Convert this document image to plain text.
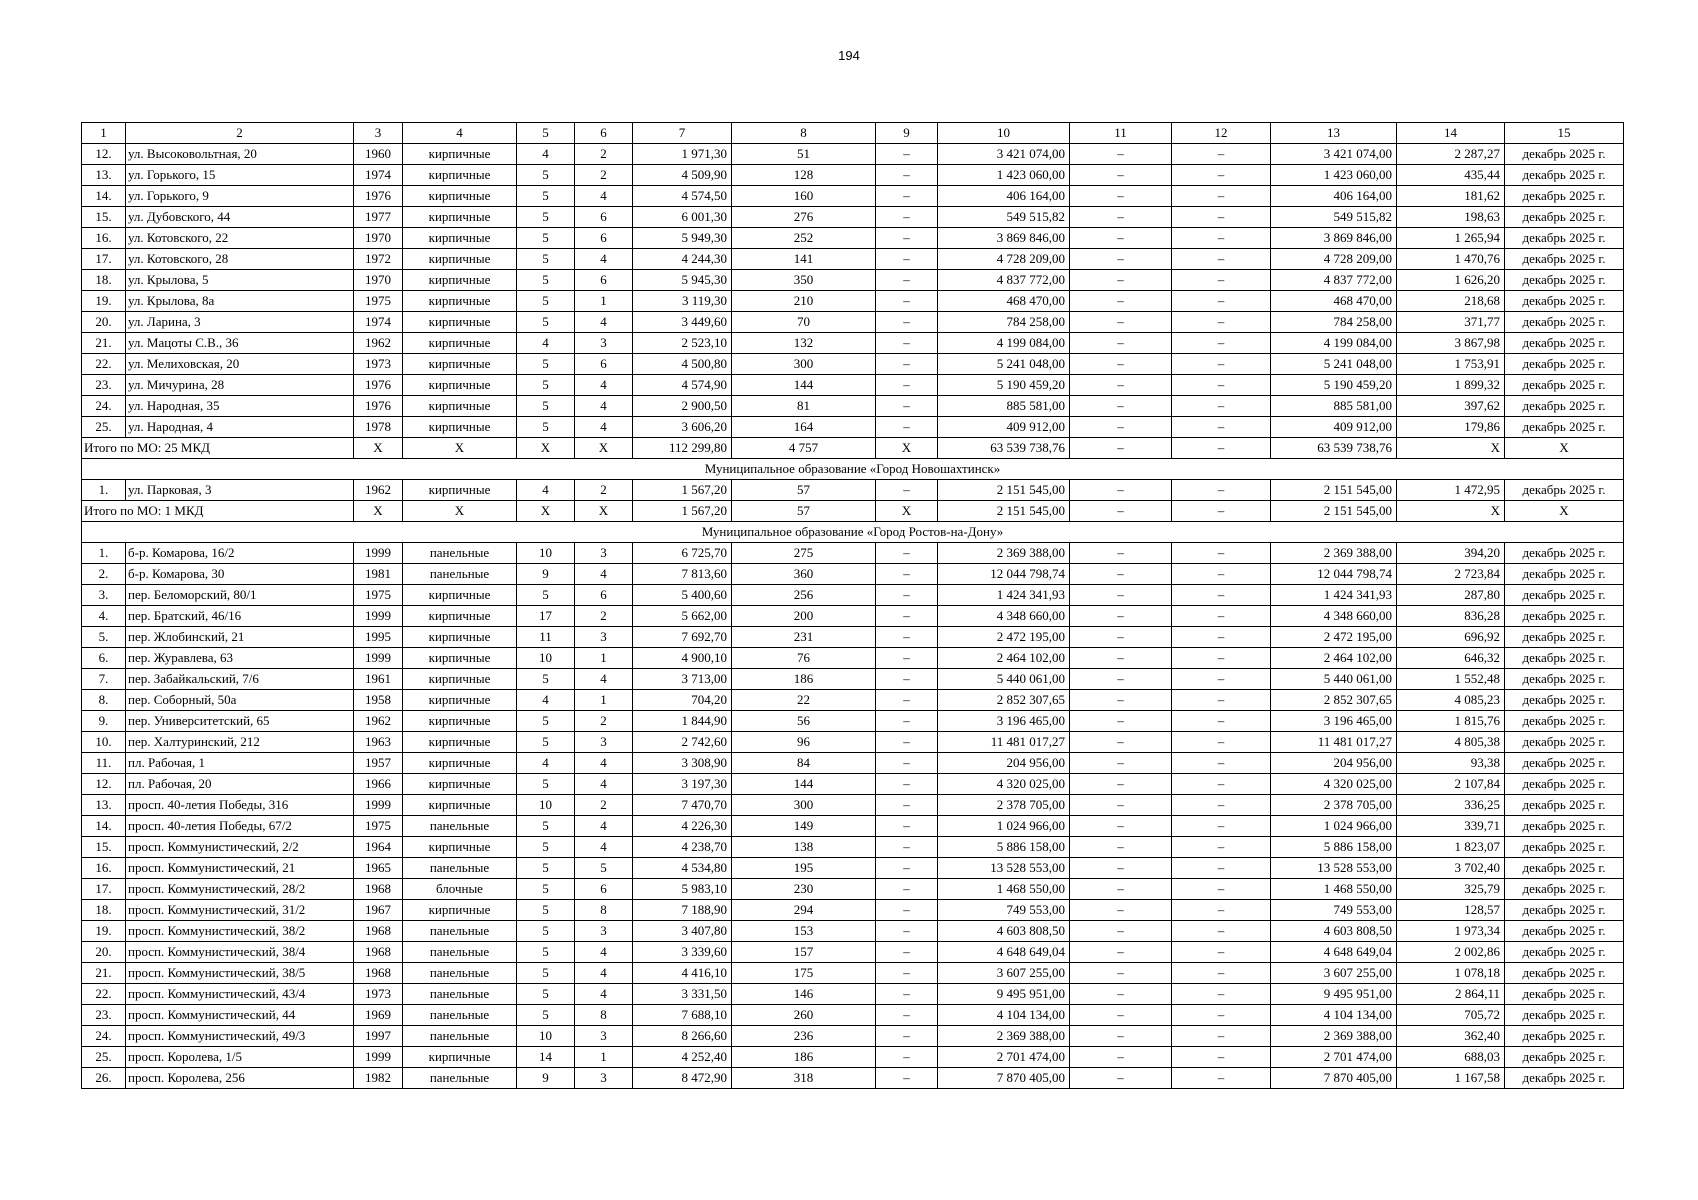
194
1	2	3	4	5	6	7	8	9	10	11	12	13	14	15
12.	ул. Высоковольтная, 20	1960	кирпичные	4	2	1 971,30	51	–	3 421 074,00	–	–	3 421 074,00	2 287,27	декабрь 2025 г.
13.	ул. Горького, 15	1974	кирпичные	5	2	4 509,90	128	–	1 423 060,00	–	–	1 423 060,00	435,44	декабрь 2025 г.
14.	ул. Горького, 9	1976	кирпичные	5	4	4 574,50	160	–	406 164,00	–	–	406 164,00	181,62	декабрь 2025 г.
15.	ул. Дубовского, 44	1977	кирпичные	5	6	6 001,30	276	–	549 515,82	–	–	549 515,82	198,63	декабрь 2025 г.
16.	ул. Котовского, 22	1970	кирпичные	5	6	5 949,30	252	–	3 869 846,00	–	–	3 869 846,00	1 265,94	декабрь 2025 г.
17.	ул. Котовского, 28	1972	кирпичные	5	4	4 244,30	141	–	4 728 209,00	–	–	4 728 209,00	1 470,76	декабрь 2025 г.
18.	ул. Крылова, 5	1970	кирпичные	5	6	5 945,30	350	–	4 837 772,00	–	–	4 837 772,00	1 626,20	декабрь 2025 г.
19.	ул. Крылова, 8а	1975	кирпичные	5	1	3 119,30	210	–	468 470,00	–	–	468 470,00	218,68	декабрь 2025 г.
20.	ул. Ларина, 3	1974	кирпичные	5	4	3 449,60	70	–	784 258,00	–	–	784 258,00	371,77	декабрь 2025 г.
21.	ул. Мацоты С.В., 36	1962	кирпичные	4	3	2 523,10	132	–	4 199 084,00	–	–	4 199 084,00	3 867,98	декабрь 2025 г.
22.	ул. Мелиховская, 20	1973	кирпичные	5	6	4 500,80	300	–	5 241 048,00	–	–	5 241 048,00	1 753,91	декабрь 2025 г.
23.	ул. Мичурина, 28	1976	кирпичные	5	4	4 574,90	144	–	5 190 459,20	–	–	5 190 459,20	1 899,32	декабрь 2025 г.
24.	ул. Народная, 35	1976	кирпичные	5	4	2 900,50	81	–	885 581,00	–	–	885 581,00	397,62	декабрь 2025 г.
25.	ул. Народная, 4	1978	кирпичные	5	4	3 606,20	164	–	409 912,00	–	–	409 912,00	179,86	декабрь 2025 г.
Итого по МО: 25 МКД		Х	Х	Х	Х	112 299,80	4 757	Х	63 539 738,76	–	–	63 539 738,76	Х	Х
Муниципальное образование «Город Новошахтинск»														
1.	ул. Парковая, 3	1962	кирпичные	4	2	1 567,20	57	–	2 151 545,00	–	–	2 151 545,00	1 472,95	декабрь 2025 г.
Итого по МО: 1 МКД		Х	Х	Х	Х	1 567,20	57	Х	2 151 545,00	–	–	2 151 545,00	Х	Х
Муниципальное образование «Город Ростов-на-Дону»														
1.	б-р. Комарова, 16/2	1999	панельные	10	3	6 725,70	275	–	2 369 388,00	–	–	2 369 388,00	394,20	декабрь 2025 г.
2.	б-р. Комарова, 30	1981	панельные	9	4	7 813,60	360	–	12 044 798,74	–	–	12 044 798,74	2 723,84	декабрь 2025 г.
3.	пер. Беломорский, 80/1	1975	кирпичные	5	6	5 400,60	256	–	1 424 341,93	–	–	1 424 341,93	287,80	декабрь 2025 г.
4.	пер. Братский, 46/16	1999	кирпичные	17	2	5 662,00	200	–	4 348 660,00	–	–	4 348 660,00	836,28	декабрь 2025 г.
5.	пер. Жлобинский, 21	1995	кирпичные	11	3	7 692,70	231	–	2 472 195,00	–	–	2 472 195,00	696,92	декабрь 2025 г.
6.	пер. Журавлева, 63	1999	кирпичные	10	1	4 900,10	76	–	2 464 102,00	–	–	2 464 102,00	646,32	декабрь 2025 г.
7.	пер. Забайкальский, 7/6	1961	кирпичные	5	4	3 713,00	186	–	5 440 061,00	–	–	5 440 061,00	1 552,48	декабрь 2025 г.
8.	пер. Соборный, 50а	1958	кирпичные	4	1	704,20	22	–	2 852 307,65	–	–	2 852 307,65	4 085,23	декабрь 2025 г.
9.	пер. Университетский, 65	1962	кирпичные	5	2	1 844,90	56	–	3 196 465,00	–	–	3 196 465,00	1 815,76	декабрь 2025 г.
10.	пер. Халтуринский, 212	1963	кирпичные	5	3	2 742,60	96	–	11 481 017,27	–	–	11 481 017,27	4 805,38	декабрь 2025 г.
11.	пл. Рабочая, 1	1957	кирпичные	4	4	3 308,90	84	–	204 956,00	–	–	204 956,00	93,38	декабрь 2025 г.
12.	пл. Рабочая, 20	1966	кирпичные	5	4	3 197,30	144	–	4 320 025,00	–	–	4 320 025,00	2 107,84	декабрь 2025 г.
13.	просп. 40-летия Победы, 316	1999	кирпичные	10	2	7 470,70	300	–	2 378 705,00	–	–	2 378 705,00	336,25	декабрь 2025 г.
14.	просп. 40-летия Победы, 67/2	1975	панельные	5	4	4 226,30	149	–	1 024 966,00	–	–	1 024 966,00	339,71	декабрь 2025 г.
15.	просп. Коммунистический, 2/2	1964	кирпичные	5	4	4 238,70	138	–	5 886 158,00	–	–	5 886 158,00	1 823,07	декабрь 2025 г.
16.	просп. Коммунистический, 21	1965	панельные	5	5	4 534,80	195	–	13 528 553,00	–	–	13 528 553,00	3 702,40	декабрь 2025 г.
17.	просп. Коммунистический, 28/2	1968	блочные	5	6	5 983,10	230	–	1 468 550,00	–	–	1 468 550,00	325,79	декабрь 2025 г.
18.	просп. Коммунистический, 31/2	1967	кирпичные	5	8	7 188,90	294	–	749 553,00	–	–	749 553,00	128,57	декабрь 2025 г.
19.	просп. Коммунистический, 38/2	1968	панельные	5	3	3 407,80	153	–	4 603 808,50	–	–	4 603 808,50	1 973,34	декабрь 2025 г.
20.	просп. Коммунистический, 38/4	1968	панельные	5	4	3 339,60	157	–	4 648 649,04	–	–	4 648 649,04	2 002,86	декабрь 2025 г.
21.	просп. Коммунистический, 38/5	1968	панельные	5	4	4 416,10	175	–	3 607 255,00	–	–	3 607 255,00	1 078,18	декабрь 2025 г.
22.	просп. Коммунистический, 43/4	1973	панельные	5	4	3 331,50	146	–	9 495 951,00	–	–	9 495 951,00	2 864,11	декабрь 2025 г.
23.	просп. Коммунистический, 44	1969	панельные	5	8	7 688,10	260	–	4 104 134,00	–	–	4 104 134,00	705,72	декабрь 2025 г.
24.	просп. Коммунистический, 49/3	1997	панельные	10	3	8 266,60	236	–	2 369 388,00	–	–	2 369 388,00	362,40	декабрь 2025 г.
25.	просп. Королева, 1/5	1999	кирпичные	14	1	4 252,40	186	–	2 701 474,00	–	–	2 701 474,00	688,03	декабрь 2025 г.
26.	просп. Королева, 256	1982	панельные	9	3	8 472,90	318	–	7 870 405,00	–	–	7 870 405,00	1 167,58	декабрь 2025 г.
